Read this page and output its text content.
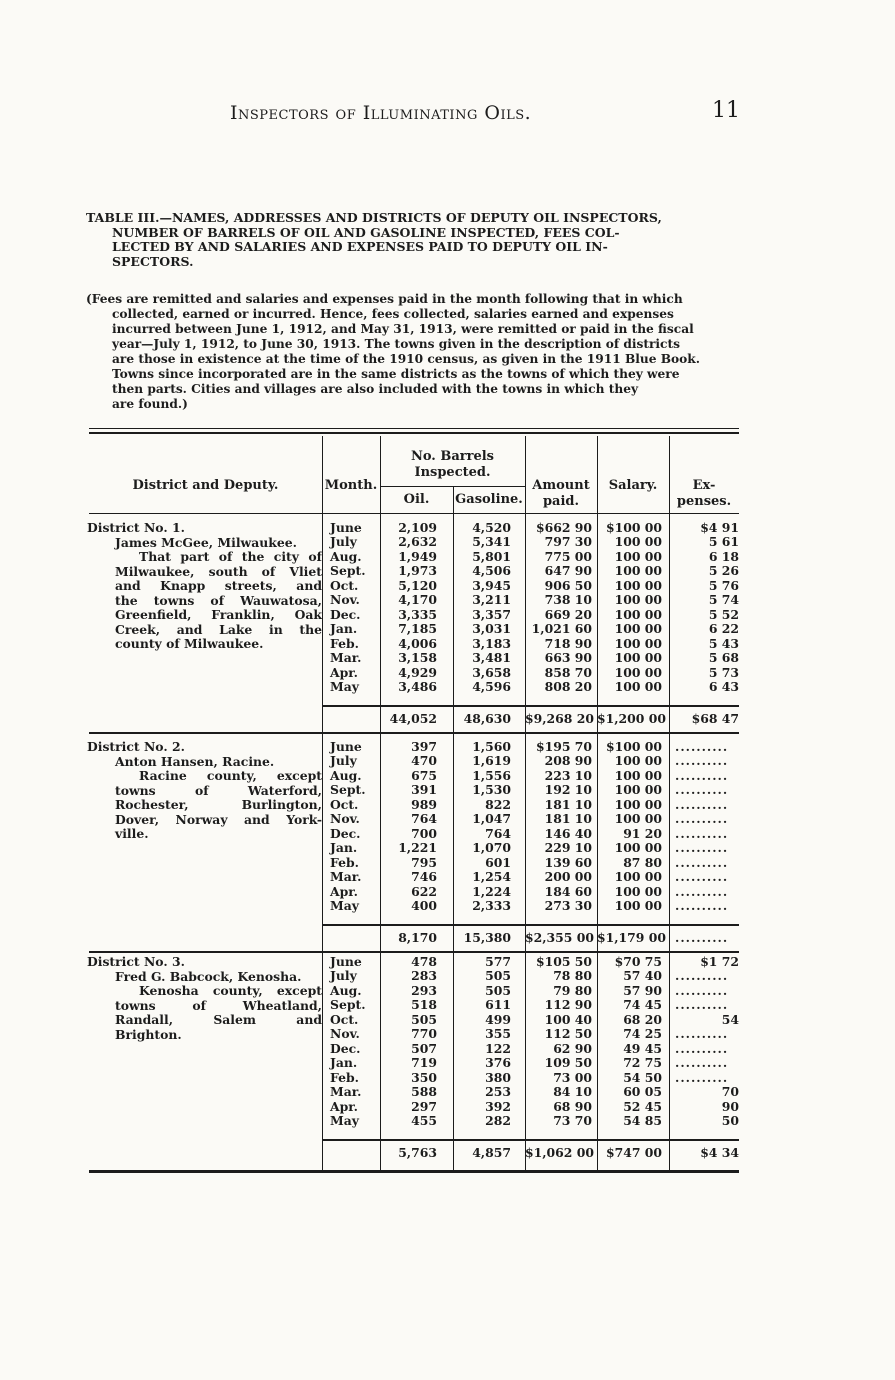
Inspectors of Illuminating Oils.	11
TABLE III.—NAMES, ADDRESSES AND DISTRICTS OF DEPUTY OIL INSPECTORS,
NUMBER OF BARRELS OF OIL AND GASOLINE INSPECTED, FEES COL-
LECTED BY AND SALARIES AND EXPENSES PAID TO DEPUTY OIL IN-
SPECTORS.
(Fees are remitted and salaries and expenses paid in the month following that in which
collected, earned or incurred. Hence, fees collected, salaries earned and expenses
incurred between June 1, 1912, and May 31, 1913, were remitted or paid in the fiscal
year—July 1, 1912, to June 30, 1913. The towns given in the description of districts
are those in existence at the time of the 1910 census, as given in the 1911 Blue Book.
Towns since incorporated are in the same districts as the towns of which they were
then parts. Cities and villages are also included with the towns in which they
are found.)
District and Deputy.	Month.
No. Barrels
Inspected.
Oil.	Gasoline.
Amount
paid.
Salary.	Ex-
penses.
District No. 1.
James McGee, Milwaukee.
That part of the city of
Milwaukee, south of Vliet
and Knapp streets, and
the towns of Wauwatosa,
Greenfield, Franklin, Oak
Creek, and Lake in the
county of Milwaukee.
June	2,109	4,520	$662 90	$100 00	$4 91
July	2,632	5,341	797 30	100 00	5 61
Aug.	1,949	5,801	775 00	100 00	6 18
Sept.	1,973	4,506	647 90	100 00	5 26
Oct.	5,120	3,945	906 50	100 00	5 76
Nov.	4,170	3,211	738 10	100 00	5 74
Dec.	3,335	3,357	669 20	100 00	5 52
Jan.	7,185	3,031	1,021 60	100 00	6 22
Feb.	4,006	3,183	718 90	100 00	5 43
Mar.	3,158	3,481	663 90	100 00	5 68
Apr.	4,929	3,658	858 70	100 00	5 73
May	3,486	4,596	808 20	100 00	6 43
44,052	48,630 $9,268 20 $1,200 00	$68 47
District No. 2.
Anton Hansen, Racine.
Racine county, except
towns of Waterford,
Rochester, Burlington,
Dover, Norway and York-
ville.
June	397	1,560	$195 70	$100 00 ..........
July	470	1,619	208 90	100 00 ..........
Aug.	675	1,556	223 10	100 00 ..........
Sept.	391	1,530	192 10	100 00 ..........
Oct.	989	822	181 10	100 00 ..........
Nov.	764	1,047	181 10	100 00 ..........
Dec.	700	764	146 40	91 20 ..........
Jan.	1,221	1,070	229 10	100 00 ..........
Feb.	795	601	139 60	87 80 ..........
Mar.	746	1,254	200 00	100 00 ..........
Apr.	622	1,224	184 60	100 00 ..........
May	400	2,333	273 30	100 00 ..........
8,170	15,380 $2,355 00 $1,179 00 ..........
District No. 3.
Fred G. Babcock, Kenosha.
Kenosha county, except
towns of Wheatland,
Randall, Salem and
Brighton.
June	478	577	$105 50	$70 75	$1 72
July	283	505	78 80	57 40 ..........
Aug.	293	505	79 80	57 90 ..........
Sept.	518	611	112 90	74 45 ..........
Oct.	505	499	100 40	68 20	54
Nov.	770	355	112 50	74 25 ..........
Dec.	507	122	62 90	49 45 ..........
Jan.	719	376	109 50	72 75 ..........
Feb.	350	380	73 00	54 50 ..........
Mar.	588	253	84 10	60 05	70
Apr.	297	392	68 90	52 45	90
May	455	282	73 70	54 85	50
5,763	4,857 $1,062 00 $747 00	$4 34
